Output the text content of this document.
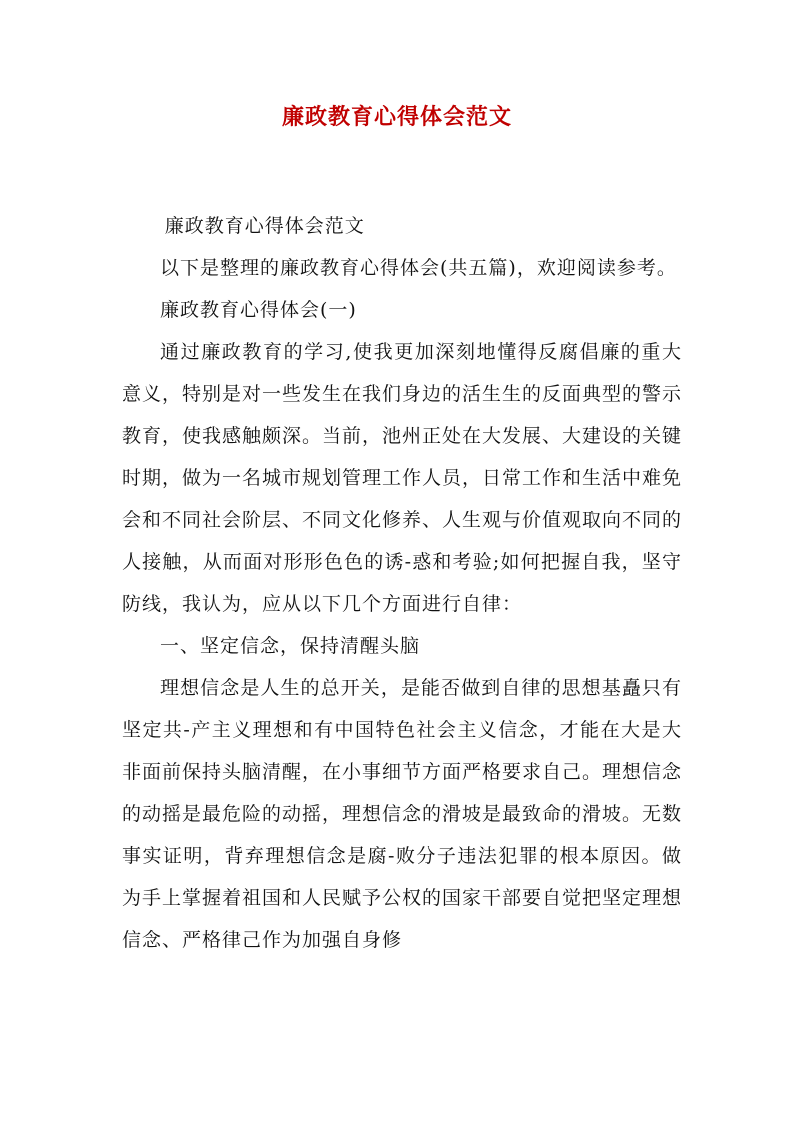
廉政教育心得体会范文

廉政教育心得体会范文

以下是整理的廉政教育心得体会(共五篇)，欢迎阅读参考。

廉政教育心得体会(一)

通过廉政教育的学习,使我更加深刻地懂得反腐倡廉的重大意义，特别是对一些发生在我们身边的活生生的反面典型的警示教育，使我感触颇深。当前，池州正处在大发展、大建设的关键时期，做为一名城市规划管理工作人员，日常工作和生活中难免会和不同社会阶层、不同文化修养、人生观与价值观取向不同的人接触，从而面对形形色色的诱-惑和考验;如何把握自我，坚守防线，我认为，应从以下几个方面进行自律：

一、坚定信念，保持清醒头脑

理想信念是人生的总开关，是能否做到自律的思想基矗只有坚定共-产主义理想和有中国特色社会主义信念，才能在大是大非面前保持头脑清醒，在小事细节方面严格要求自己。理想信念的动摇是最危险的动摇，理想信念的滑坡是最致命的滑坡。无数事实证明，背弃理想信念是腐-败分子违法犯罪的根本原因。做为手上掌握着祖国和人民赋予公权的国家干部要自觉把坚定理想信念、严格律己作为加强自身修
